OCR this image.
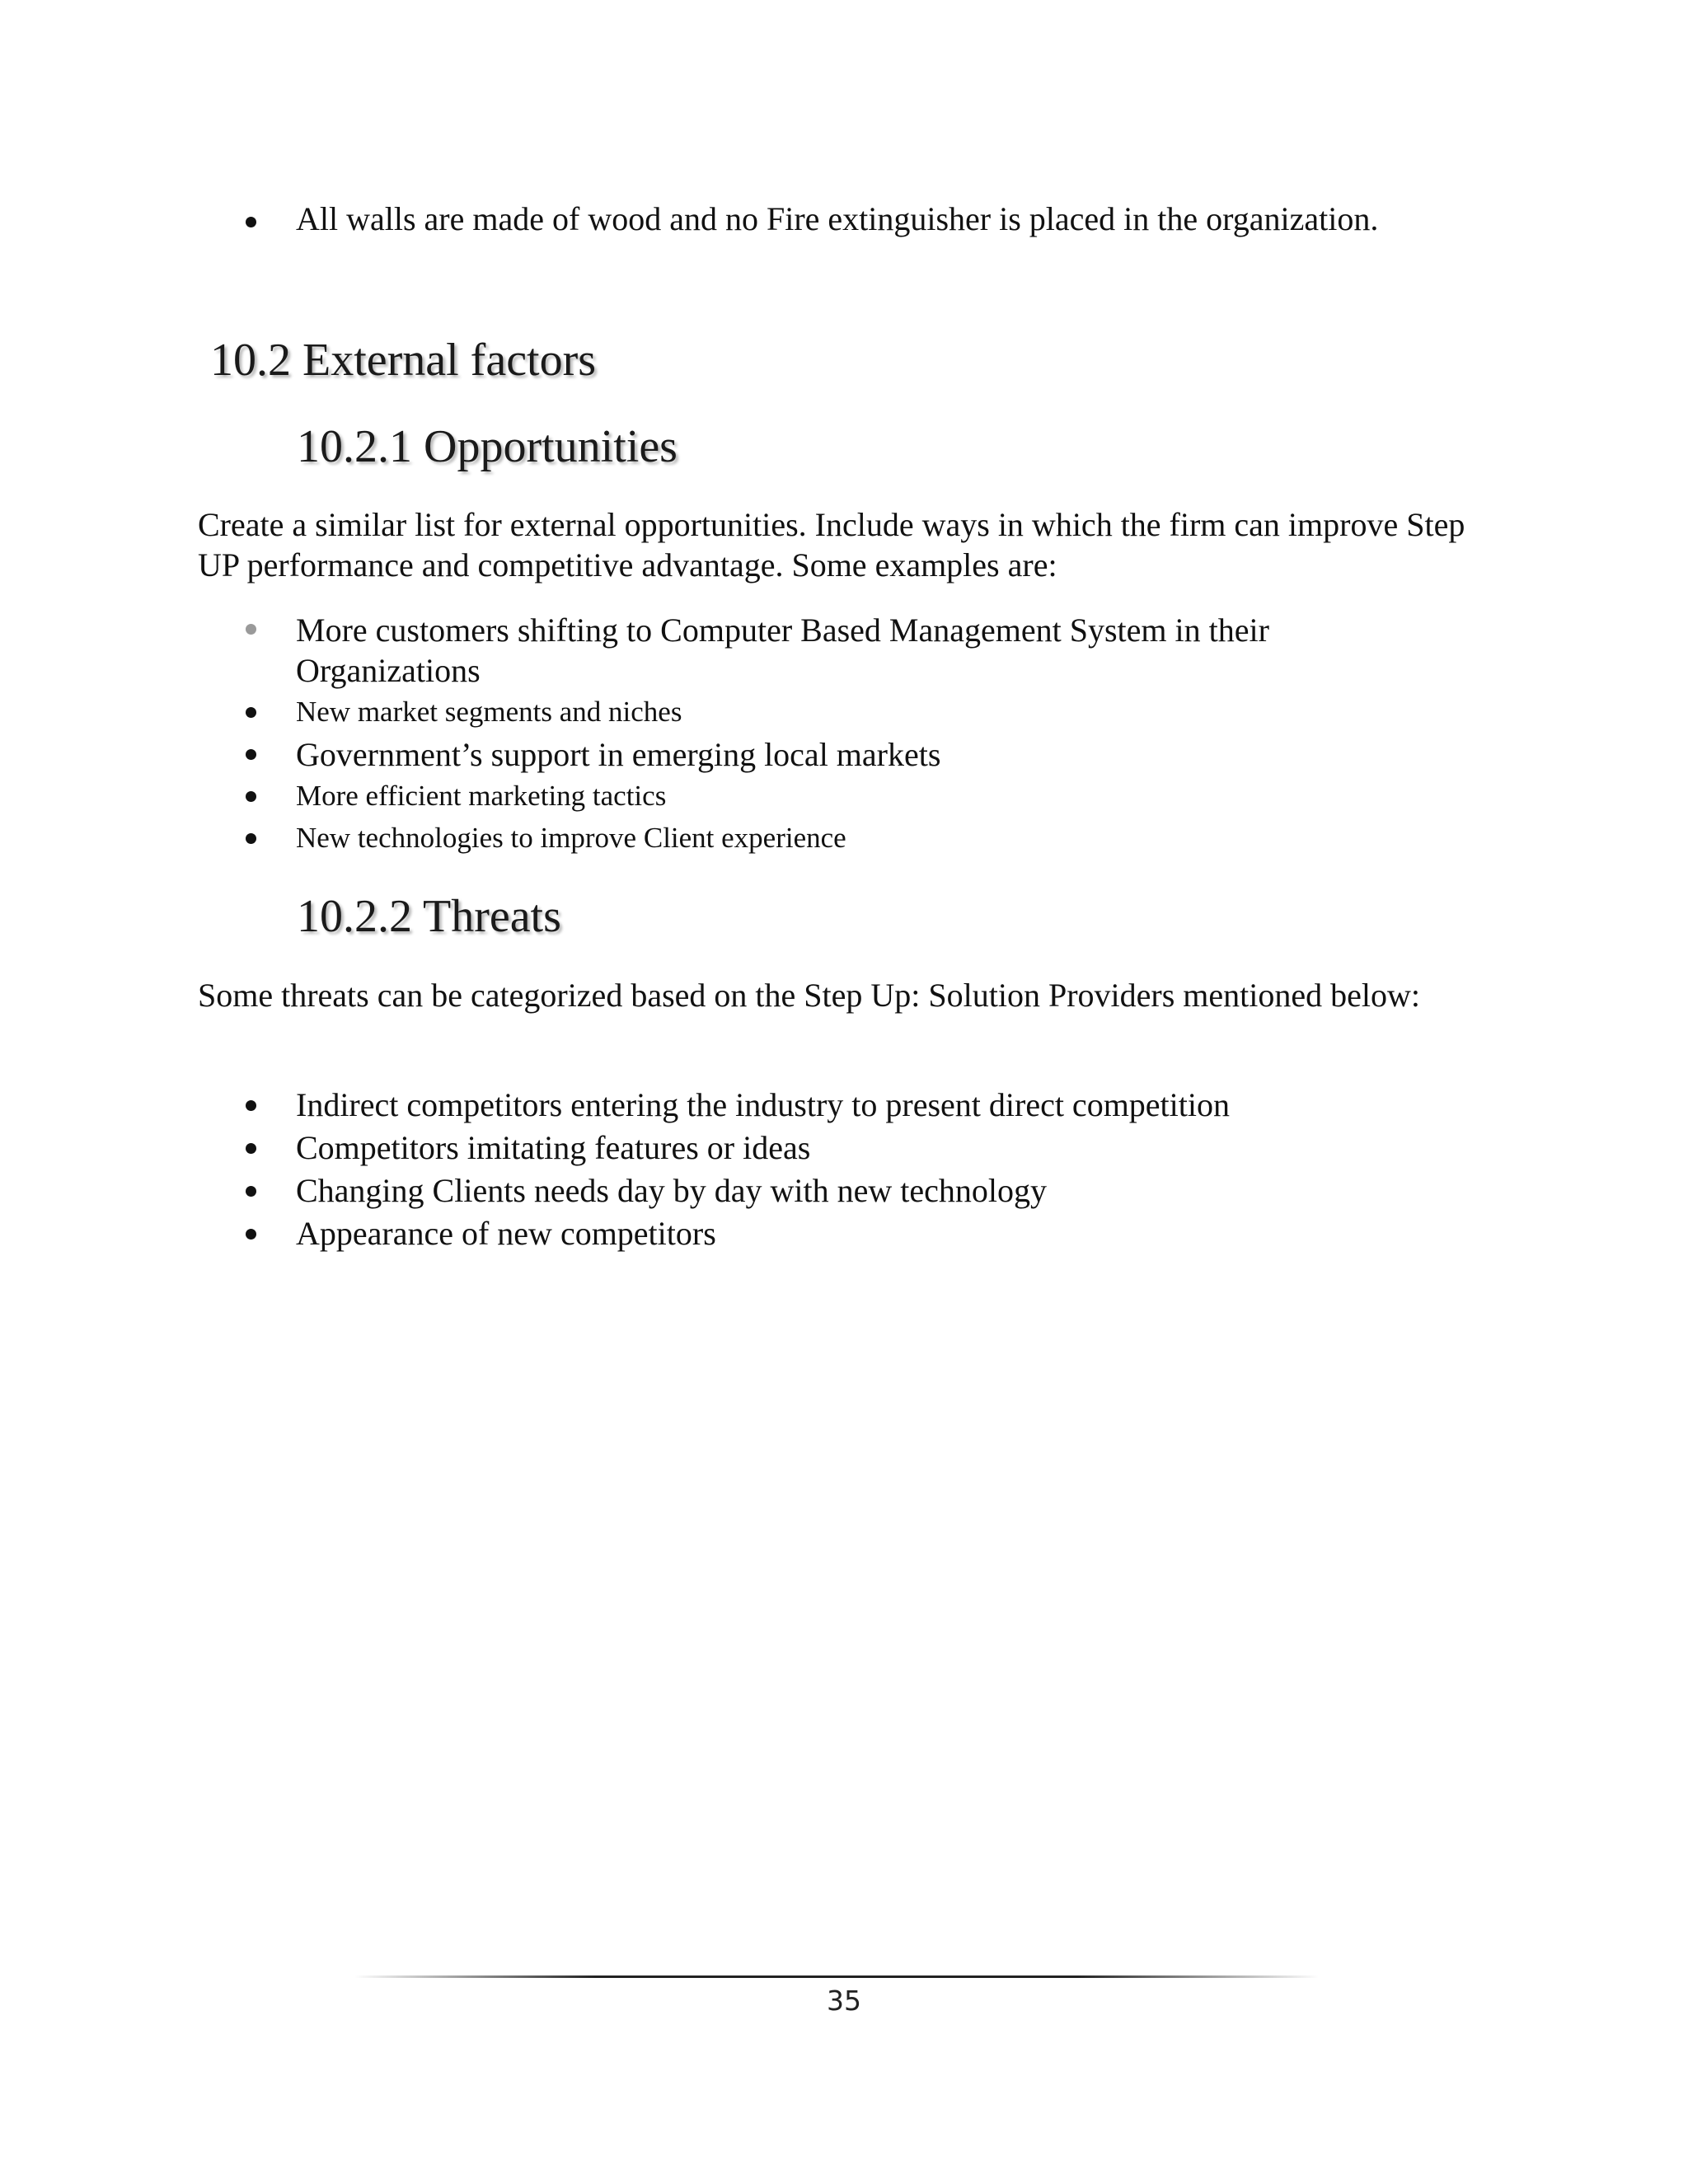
All walls are made of wood and no Fire extinguisher is placed in the organization.
10.2 External factors
10.2.1 Opportunities

Create a similar list for external opportunities. Include ways in which the firm can improve Step UP performance and competitive advantage. Some examples are:

More customers shifting to Computer Based Management System in their Organizations
New market segments and niches
Government’s support in emerging local markets
More efficient marketing tactics
New technologies to improve Client experience
10.2.2 Threats

Some threats can be categorized based on the Step Up: Solution Providers mentioned below:

Indirect competitors entering the industry to present direct competition
Competitors imitating features or ideas
Changing Clients needs day by day with new technology
Appearance of new competitors
35
